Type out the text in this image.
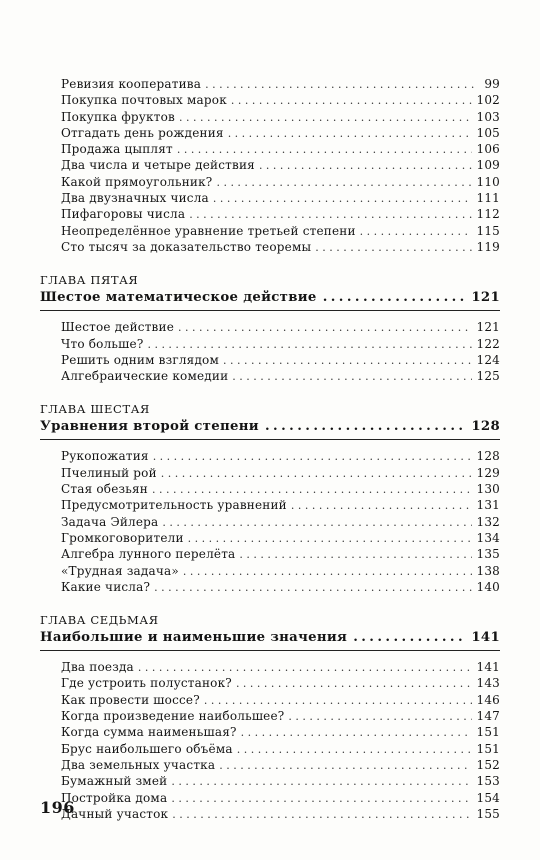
Ревизия кооператива . . .	99
Покупка почтовых марок . . .	102
Покупка фруктов . . .	103
Отгадать день рождения . . .	105
Продажа цыплят . . .	106
Два числа и четыре действия . . .	109
Какой прямоугольник? . . .	110
Два двузначных числа . . .	111
Пифагоровы числа . . .	112
Неопределённое уравнение третьей степени . . .	115
Сто тысяч за доказательство теоремы . . .	119
ГЛАВА ПЯТАЯ
Шестое математическое действие . . .	121
Шестое действие . . .	121
Что больше? . . .	122
Решить одним взглядом . . .	124
Алгебраические комедии . . .	125
ГЛАВА ШЕСТАЯ
Уравнения второй степени . . .	128
Рукопожатия . . .	128
Пчелиный рой . . .	129
Стая обезьян . . .	130
Предусмотрительность уравнений . . .	131
Задача Эйлера . . .	132
Громкоговорители . . .	134
Алгебра лунного перелёта . . .	135
«Трудная задача» . . .	138
Какие числа? . . .	140
ГЛАВА СЕДЬМАЯ
Наибольшие и наименьшие значения . . .	141
Два поезда . . .	141
Где устроить полустанок? . . .	143
Как провести шоссе? . . .	146
Когда произведение наибольшее? . . .	147
Когда сумма наименьшая? . . .	151
Брус наибольшего объёма . . .	151
Два земельных участка . . .	152
Бумажный змей . . .	153
Постройка дома . . .	154
Дачный участок . . .	155
196
